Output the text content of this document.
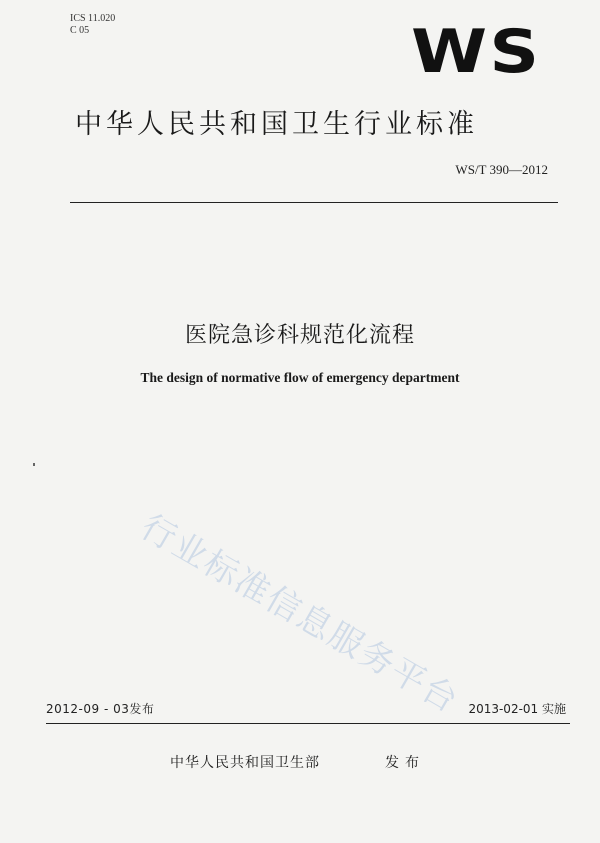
ICS 11.020
C 05	WS
中华人民共和国卫生行业标准
WS/T 390—2012
医院急诊科规范化流程
The design of normative flow of emergency department
行业标准信息服务平台
2012-09 - 03发布	2013-02-01 实施
中华人民共和国卫生部	发布
